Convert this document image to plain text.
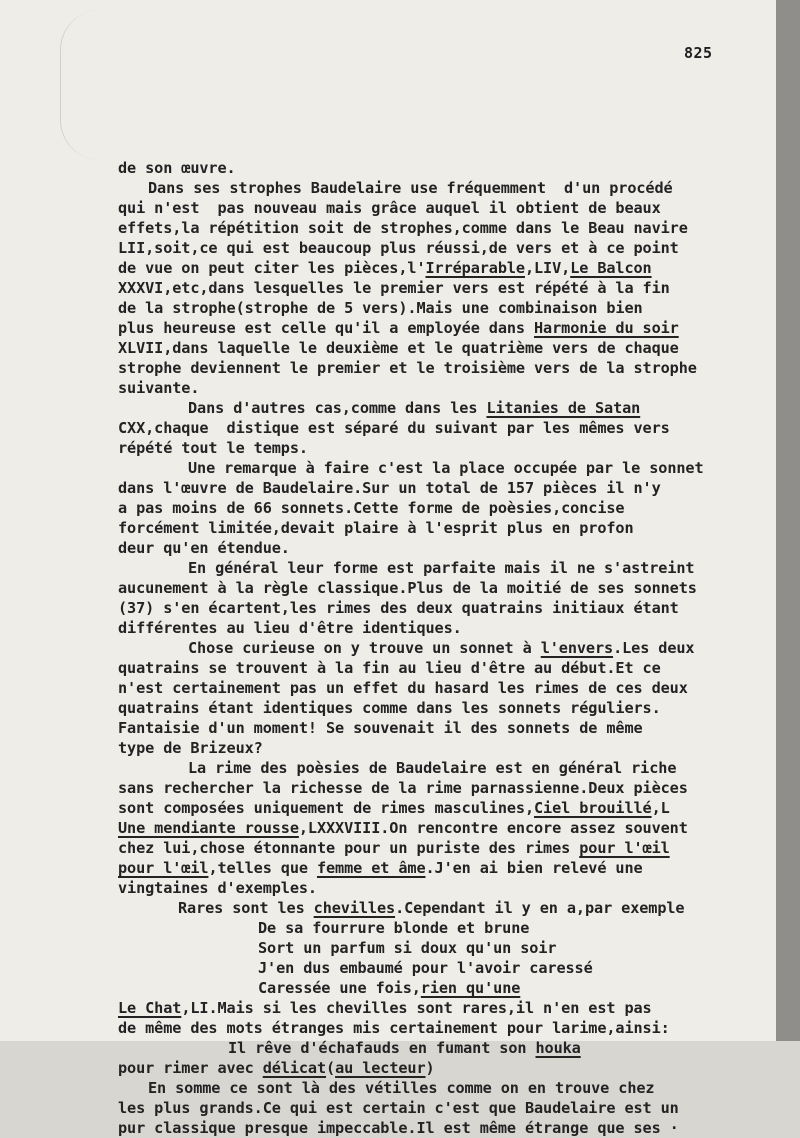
825
de son œuvre.
Dans ses strophes Baudelaire use fréquemment  d'un procédé
qui n'est  pas nouveau mais grâce auquel il obtient de beaux
effets,la répétition soit de strophes,comme dans le Beau navire
LII,soit,ce qui est beaucoup plus réussi,de vers et à ce point
de vue on peut citer les pièces,l'Irréparable,LIV,Le Balcon
XXXVI,etc,dans lesquelles le premier vers est répété à la fin
de la strophe(strophe de 5 vers).Mais une combinaison bien
plus heureuse est celle qu'il a employée dans Harmonie du soir
XLVII,dans laquelle le deuxième et le quatrième vers de chaque
strophe deviennent le premier et le troisième vers de la strophe
suivante.
Dans d'autres cas,comme dans les Litanies de Satan
CXX,chaque  distique est séparé du suivant par les mêmes vers
répété tout le temps.
Une remarque à faire c'est la place occupée par le sonnet
dans l'œuvre de Baudelaire.Sur un total de 157 pièces il n'y
a pas moins de 66 sonnets.Cette forme de poèsies,concise
forcément limitée,devait plaire à l'esprit plus en profon
deur qu'en étendue.
En général leur forme est parfaite mais il ne s'astreint
aucunement à la règle classique.Plus de la moitié de ses sonnets
(37) s'en écartent,les rimes des deux quatrains initiaux étant
différentes au lieu d'être identiques.
Chose curieuse on y trouve un sonnet à l'envers.Les deux
quatrains se trouvent à la fin au lieu d'être au début.Et ce
n'est certainement pas un effet du hasard les rimes de ces deux
quatrains étant identiques comme dans les sonnets réguliers.
Fantaisie d'un moment! Se souvenait il des sonnets de même
type de Brizeux?
La rime des poèsies de Baudelaire est en général riche
sans rechercher la richesse de la rime parnassienne.Deux pièces
sont composées uniquement de rimes masculines,Ciel brouillé,L
Une mendiante rousse,LXXXVIII.On rencontre encore assez souvent
chez lui,chose étonnante pour un puriste des rimes pour l'œil
pour l'œil,telles que femme et âme.J'en ai bien relevé une
vingtaines d'exemples.
Rares sont les chevilles.Cependant il y en a,par exemple
De sa fourrure blonde et brune
Sort un parfum si doux qu'un soir
J'en dus embaumé pour l'avoir caressé
Caressée une fois,rien qu'une
Le Chat,LI.Mais si les chevilles sont rares,il n'en est pas
de même des mots étranges mis certainement pour larime,ainsi:
Il rêve d'échafauds en fumant son houka
pour rimer avec délicat(au lecteur)
En somme ce sont là des vétilles comme on en trouve chez
les plus grands.Ce qui est certain c'est que Baudelaire est un
pur classique presque impeccable.Il est même étrange que ses ·
